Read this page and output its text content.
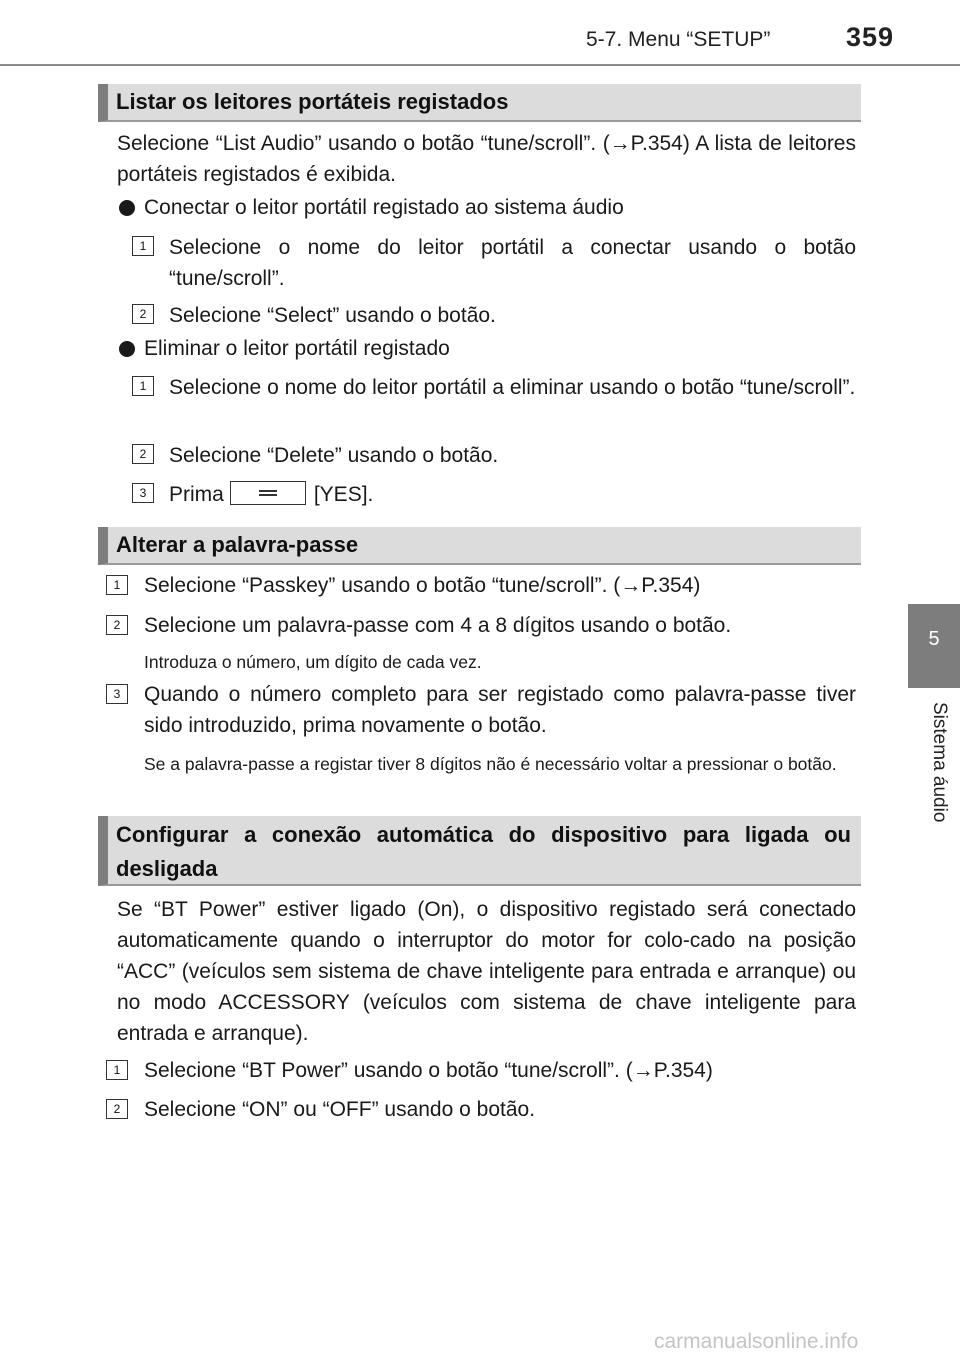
5-7. Menu “SETUP”	359
5
Sistema áudio
Listar os leitores portáteis registados
Selecione “List Audio” usando o botão “tune/scroll”. (→P.354) A lista de leitores portáteis registados é exibida.
Conectar o leitor portátil registado ao sistema áudio
1	Selecione o nome do leitor portátil a conectar usando o botão “tune/scroll”.
2	Selecione “Select” usando o botão.
Eliminar o leitor portátil registado
1	Selecione o nome do leitor portátil a eliminar usando o botão “tune/scroll”.
2	Selecione “Delete” usando o botão.
3	Prima	[YES].
Alterar a palavra-passe
1	Selecione “Passkey” usando o botão “tune/scroll”. (→P.354)
2	Selecione um palavra-passe com 4 a 8 dígitos usando o botão.
Introduza o número, um dígito de cada vez.
3	Quando o número completo para ser registado como palavra-passe tiver sido introduzido, prima novamente o botão.
Se a palavra-passe a registar tiver 8 dígitos não é necessário voltar a pressionar o botão.
Configurar a conexão automática do dispositivo para ligada ou desligada
Se “BT Power” estiver ligado (On), o dispositivo registado será conectado automaticamente quando o interruptor do motor for colo-cado na posição “ACC” (veículos sem sistema de chave inteligente para entrada e arranque) ou no modo ACCESSORY (veículos com sistema de chave inteligente para entrada e arranque).
1	Selecione “BT Power” usando o botão “tune/scroll”. (→P.354)
2	Selecione “ON” ou “OFF” usando o botão.
carmanualsonline.info
